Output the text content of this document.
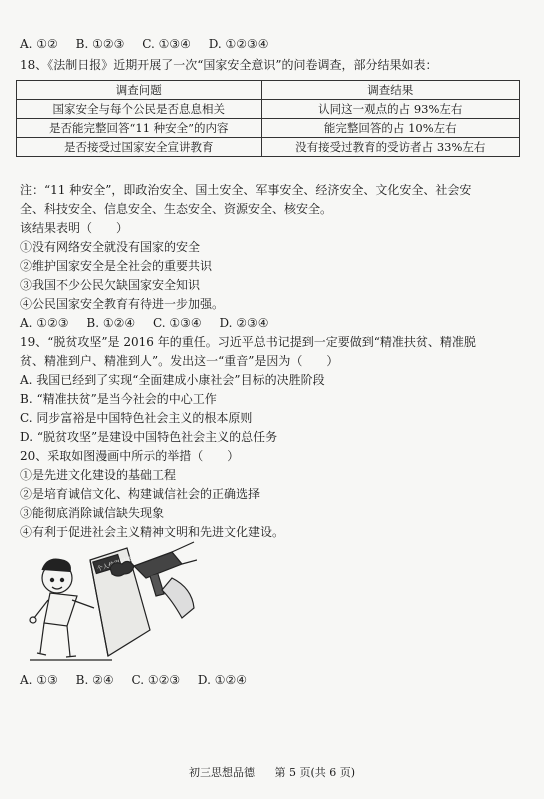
A. ①② B. ①②③ C. ①③④ D. ①②③④
18、《法制日报》近期开展了一次“国家安全意识”的问卷调查，部分结果如表：
调查问题	调查结果
国家安全与每个公民是否息息相关	认同这一观点的占 93%左右
是否能完整回答“11 种安全”的内容	能完整回答的占 10%左右
是否接受过国家安全宣讲教育	没有接受过教育的受访者占 33%左右
注：“11 种安全”，即政治安全、国土安全、军事安全、经济安全、文化安全、社会安
全、科技安全、信息安全、生态安全、资源安全、核安全。
该结果表明（　　）
①没有网络安全就没有国家的安全
②维护国家安全是全社会的重要共识
③我国不少公民欠缺国家安全知识
④公民国家安全教育有待进一步加强。
A. ①②③ B. ①②④ C. ①③④ D. ②③④
19、“脱贫攻坚”是 2016 年的重任。习近平总书记提到一定要做到“精准扶贫、精准脱
贫、精准到户、精准到人”。发出这一“重音”是因为（　　）
A. 我国已经到了实现“全面建成小康社会”目标的决胜阶段
B. “精准扶贫”是当今社会的中心工作
C. 同步富裕是中国特色社会主义的根本原则
D. “脱贫攻坚”是建设中国特色社会主义的总任务
20、采取如图漫画中所示的举措（　　）
①是先进文化建设的基础工程
②是培育诚信文化、构建诚信社会的正确选择
③能彻底消除诚信缺失现象
④有利于促进社会主义精神文明和先进文化建设。
A. ①③ B. ②④ C. ①②③ D. ①②④
初三思想品德 第 5 页(共 6 页)
